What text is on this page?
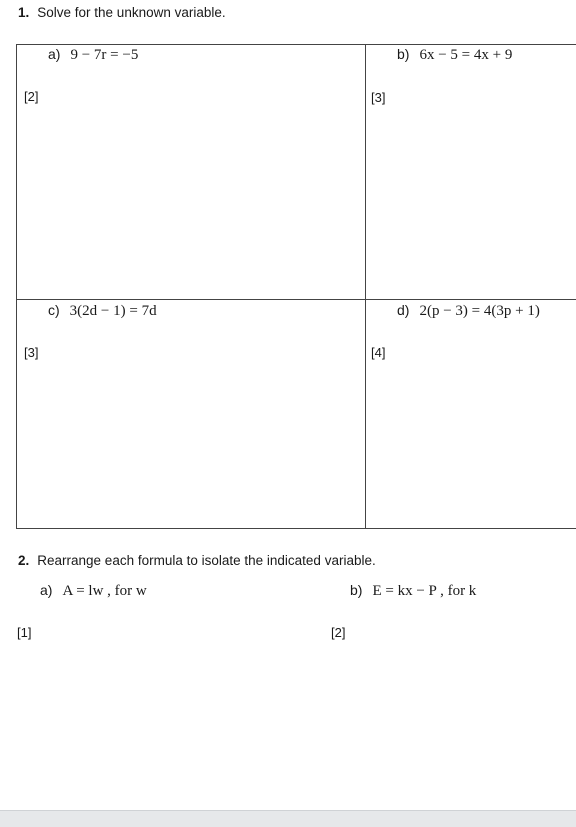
1. Solve for the unknown variable.
a) 9 − 7r = −5
[2]
b) 6x − 5 = 4x + 9
[3]
c) 3(2d − 1) = 7d
[3]
d) 2(p − 3) = 4(3p + 1)
[4]
2. Rearrange each formula to isolate the indicated variable.
a) A = lw , for w
[1]
b) E = kx − P , for k
[2]
